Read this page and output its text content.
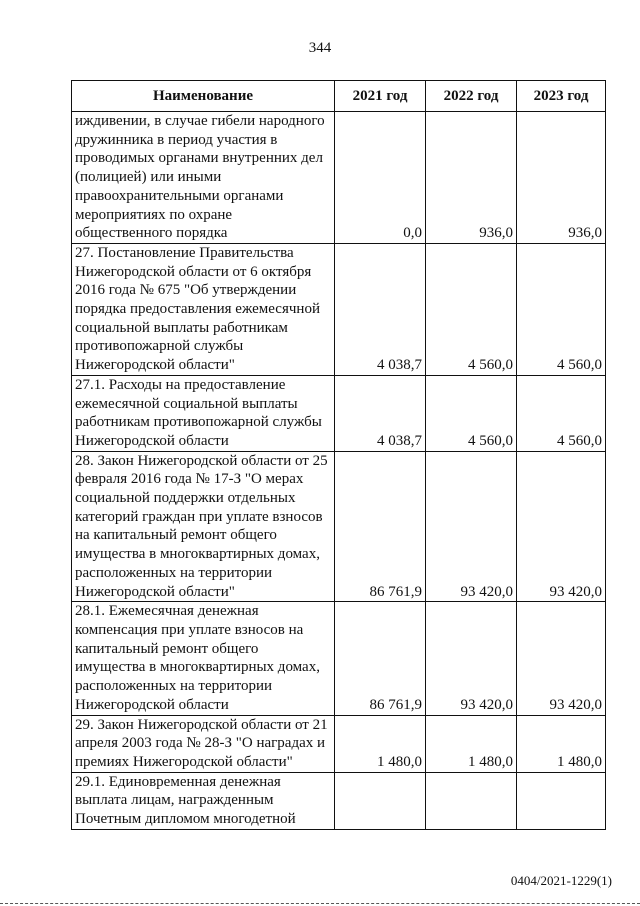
344
Наименование	2021 год	2022 год	2023 год
иждивении, в случае гибели народного дружинника в период участия в проводимых органами внутренних дел (полицией) или иными правоохранительными органами мероприятиях по охране общественного порядка	0,0	936,0	936,0
27. Постановление Правительства Нижегородской области от 6 октября 2016 года № 675 "Об утверждении порядка предоставления ежемесячной социальной выплаты работникам противопожарной службы Нижегородской области"	4 038,7	4 560,0	4 560,0
27.1. Расходы на предоставление ежемесячной социальной выплаты работникам противопожарной службы Нижегородской области	4 038,7	4 560,0	4 560,0
28. Закон Нижегородской области от 25 февраля 2016 года № 17-З "О мерах социальной поддержки отдельных категорий граждан при уплате взносов на капитальный ремонт общего имущества в многоквартирных домах, расположенных на территории Нижегородской области"	86 761,9	93 420,0	93 420,0
28.1. Ежемесячная денежная компенсация при уплате взносов на капитальный ремонт общего имущества в многоквартирных домах, расположенных на территории Нижегородской области	86 761,9	93 420,0	93 420,0
29. Закон Нижегородской области от 21 апреля 2003 года № 28-З "О наградах и премиях Нижегородской области"	1 480,0	1 480,0	1 480,0
29.1. Единовременная денежная выплата лицам, награжденным Почетным дипломом многодетной			
0404/2021-1229(1)
